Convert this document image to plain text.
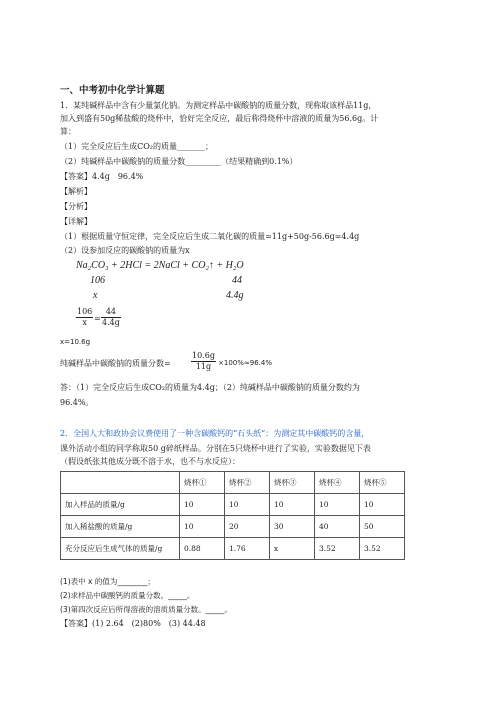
一、中考初中化学计算题
1．某纯碱样品中含有少量氯化钠。为测定样品中碳酸钠的质量分数，现称取该样品11g，
加入到盛有50g稀盐酸的烧杯中，恰好完全反应，最后称得烧杯中溶液的质量为56.6g。计
算：
（1）完全反应后生成CO₂的质量_______；
（2）纯碱样品中碳酸钠的质量分数_________（结果精确到0.1%）
【答案】4.4g　96.4%
【解析】
【分析】
【详解】
（1）根据质量守恒定律，完全反应后生成二氧化碳的质量=11g+50g-56.6g=4.4g
（2）设参加反应的碳酸钠的质量为x
Na₂CO₃ + 2HCl = 2NaCl + CO₂↑ + H₂O
106	44
x	4.4g
$\frac{106}{x} = \frac{44}{4.4g}$
x=10.6g
纯碱样品中碳酸钠的质量分数=	$\frac{10.6g}{11g} \times 100\%\approx 96.4\%$
答：（1）完全反应后生成CO₂的质量为4.4g；（2）纯碱样品中碳酸钠的质量分数约为
96.4%。
2．全国人大和政协会议费使用了一种含碳酸钙的“石头纸”：为测定其中碳酸钙的含量，
课外活动小组的同学称取50 g碎纸样品。分别在5只烧杯中进行了实验，实验数据见下表
（假设纸张其他成分既不溶于水，也不与水反应）：
	烧杯①	烧杯②	烧杯③	烧杯④	烧杯⑤
加入样品的质量/g	10	10	10	10	10
加入稀盐酸的质量/g	10	20	30	40	50
充分反应后生成气体的质量/g	0.88	1.76	x	3.52	3.52
(1)表中 x 的值为________；
(2)求样品中碳酸钙的质量分数。_____。
(3)第四次反应后所得溶液的溶质质量分数。_____。
【答案】(1) 2.64　(2)80%　(3) 44.48
